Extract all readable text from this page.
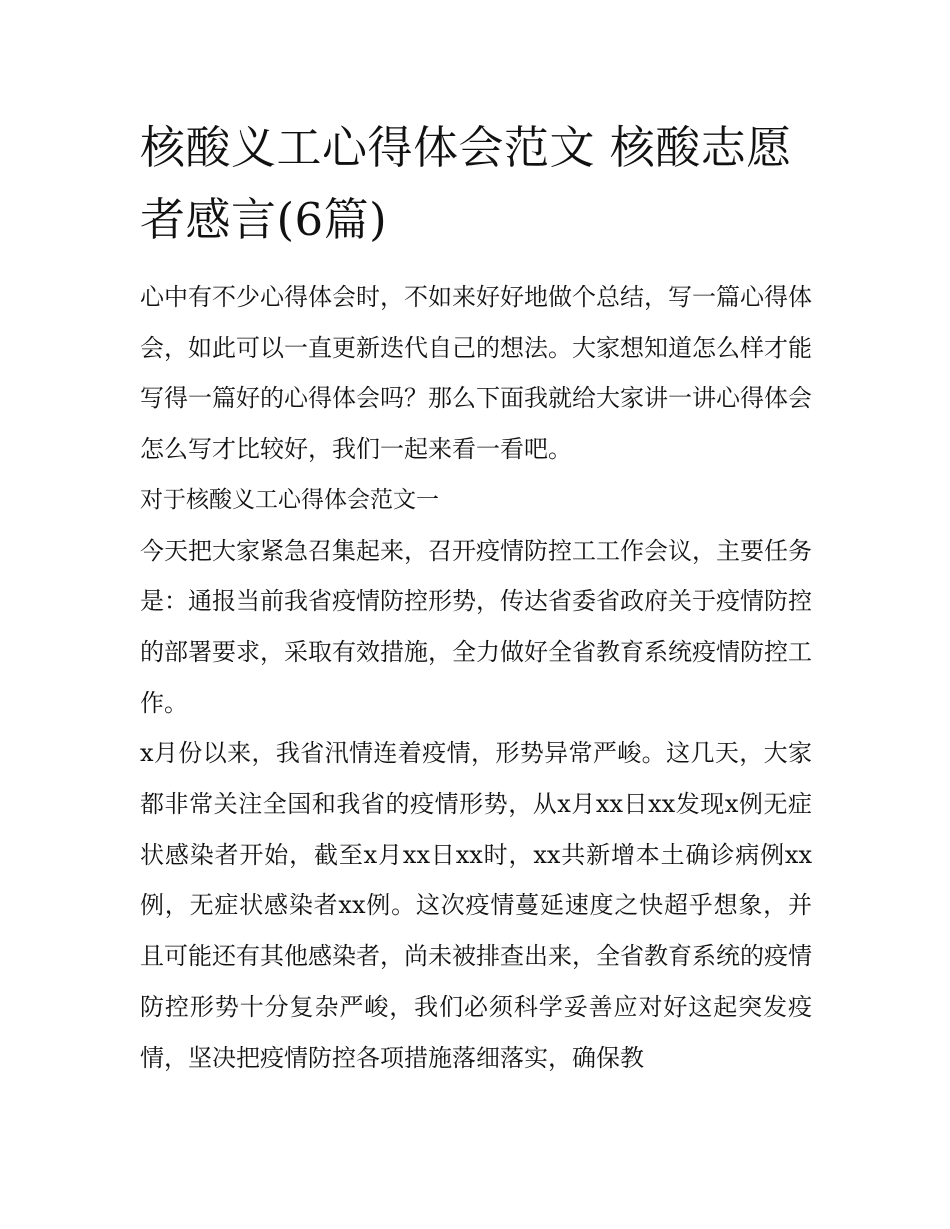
核酸义工心得体会范文 核酸志愿者感言(6篇)

心中有不少心得体会时，不如来好好地做个总结，写一篇心得体会，如此可以一直更新迭代自己的想法。大家想知道怎么样才能写得一篇好的心得体会吗？那么下面我就给大家讲一讲心得体会怎么写才比较好，我们一起来看一看吧。

对于核酸义工心得体会范文一

今天把大家紧急召集起来，召开疫情防控工工作会议，主要任务是：通报当前我省疫情防控形势，传达省委省政府关于疫情防控的部署要求，采取有效措施，全力做好全省教育系统疫情防控工作。

x月份以来，我省汛情连着疫情，形势异常严峻。这几天，大家都非常关注全国和我省的疫情形势，从x月xx日xx发现x例无症状感染者开始，截至x月xx日xx时，xx共新增本土确诊病例xx例，无症状感染者xx例。这次疫情蔓延速度之快超乎想象，并且可能还有其他感染者，尚未被排查出来，全省教育系统的疫情防控形势十分复杂严峻，我们必须科学妥善应对好这起突发疫情，坚决把疫情防控各项措施落细落实，确保教
